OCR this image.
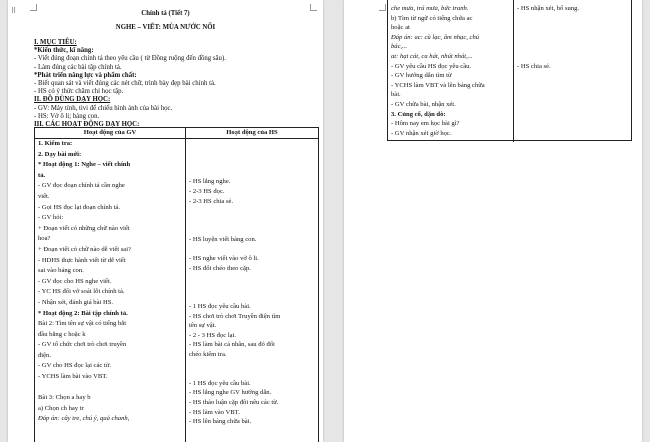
⠿	Chính tả (Tiết 7)
NGHE – VIẾT: MÙA NƯỚC NỔI
I. MỤC TIÊU:
*Kiến thức, kĩ năng:
- Viết đúng đoạn chính tả theo yêu cầu ( từ Đồng ruộng đến đồng sâu).
- Làm đúng các bài tập chính tả.
*Phát triển năng lực và phẩm chất:
- Biết quan sát và viết đúng các nét chữ, trình bày đẹp bài chính tả.
- HS có ý thức chăm chỉ học tập.
II. ĐỒ DÙNG DẠY HỌC:
- GV: Máy tính, tivi để chiếu hình ảnh của bài học.
- HS: Vở ô li; bảng con.
III. CÁC HOẠT ĐỘNG DẠY HỌC:
Hoạt động của GV	Hoạt động của HS
1. Kiểm tra:
2. Dạy bài mới:
* Hoạt động 1: Nghe – viết chính
tả.
- GV đọc đoạn chính tả cần nghe
viết.
- Gọi HS đọc lại đoạn chính tả.
- GV hỏi:
+ Đoạn viết có những chữ nào viết
hoa?
+ Đoạn viết có chữ nào dễ viết sai?
- HDHS thực hành viết từ dễ viết
sai vào bảng con.
- GV đọc cho HS nghe viết.
- YC HS đổi vở soát lỗi chính tả.
- Nhận xét, đánh giá bài HS.
* Hoạt động 2: Bài tập chính tả.
Bài 2: Tìm tên sự vật có tiếng bắt
đầu bằng c hoặc k
- GV tổ chức chơi trò chơi truyền
điện.
- GV cho HS đọc lại các từ.
- YCHS làm bài vào VBT.
Bài 3: Chọn a hay b
a) Chọn ch hay tr
Đáp án: cây tre, chú ý, quả chanh,
- HS lắng nghe.
- 2-3 HS đọc.
- 2-3 HS chia sẻ.
- HS luyện viết bảng con.
- HS nghe viết vào vở ô li.
- HS đổi chéo theo cặp.
- 1 HS đọc yêu cầu bài.
- HS chơi trò chơi Truyền điện tìm
tên sự vật.
- 2 - 3 HS đọc lại.
- HS làm bài cá nhân, sau đó đổi
chéo kiểm tra.
- 1 HS đọc yêu cầu bài.
- HS lắng nghe GV hướng dẫn.
- HS thảo luận cặp đôi nêu các từ.
- HS làm vào VBT.
- HS lên bảng chữa bài.
che mưa, trú mưa, bức tranh.
b) Tìm từ ngữ có tiếng chứa ac
hoặc at
Đáp án: ac: cù lạc, âm nhạc, chú
bác,...
at: hạt cát, ca hát, nhút nhát,...
- GV yêu cầu HS đọc yêu cầu.
- GV hướng dẫn tìm từ
- YCHS làm VBT và lên bảng chữa
bài.
- GV chữa bài, nhận xét.
3. Củng cố, dặn dò:
- Hôm nay em học bài gì?
- GV nhận xét giờ học.
- HS nhận xét, bổ sung.
- HS chia sẻ.
